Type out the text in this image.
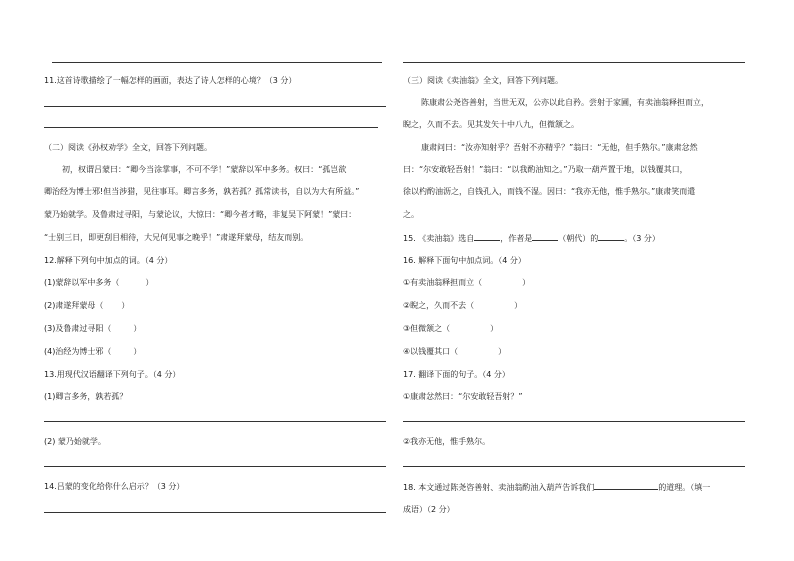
11.这首诗歌描绘了一幅怎样的画面，表达了诗人怎样的心境？（3 分）
（二）阅读《孙权劝学》全文，回答下列问题。
初，权谓吕蒙曰：“卿今当涂掌事，不可不学！”蒙辞以军中多务。权曰：“孤岂欲
卿治经为博士邪!但当涉猎，见往事耳。卿言多务，孰若孤？孤常读书，自以为大有所益。”
蒙乃始就学。及鲁肃过寻阳，与蒙论议，大惊曰：“卿今者才略，非复吴下阿蒙！”蒙曰：
“士别三日，即更刮目相待，大兄何见事之晚乎！”肃遂拜蒙母，结友而别。
12.解释下列句中加点的词。（4 分）
(1)蒙辞以军中多务（	）
(2)肃遂拜蒙母（ ）
(3)及鲁肃过寻阳（	）
(4)治经为博士邪（	）
13.用现代汉语翻译下列句子。（4 分）
(1)卿言多务，孰若孤？
(2) 蒙乃始就学。
14.吕蒙的变化给你什么启示？（3 分）
（三）阅读《卖油翁》全文，回答下列问题。
陈康肃公尧咨善射，当世无双，公亦以此自矜。尝射于家圃，有卖油翁释担而立，
睨之，久而不去。见其发矢十中八九，但微颔之。
康肃问曰：“汝亦知射乎？吾射不亦精乎？”翁曰：“无他，但手熟尔。”康肃忿然
曰：“尔安敢轻吾射！”翁曰：“以我酌油知之。”乃取一葫芦置于地，以钱覆其口，
徐以杓酌油沥之，自钱孔入，而钱不湿。因曰：“我亦无他，惟手熟尔。”康肃笑而遣
之。
15. 《卖油翁》选自	，作者是	（朝代）的	。（3 分）
16. 解释下面句中加点词。（4 分）
①有卖油翁释担而立（	）
②睨之，久而不去（	）
③但微颔之（	）
④以钱覆其口（	）
17. 翻译下面的句子。（4 分）
①康肃忿然曰：“尔安敢轻吾射？”
②我亦无他，惟手熟尔。
18. 本文通过陈尧咨善射、卖油翁酌油入葫芦告诉我们	的道理。（填一
成语）（2 分）
